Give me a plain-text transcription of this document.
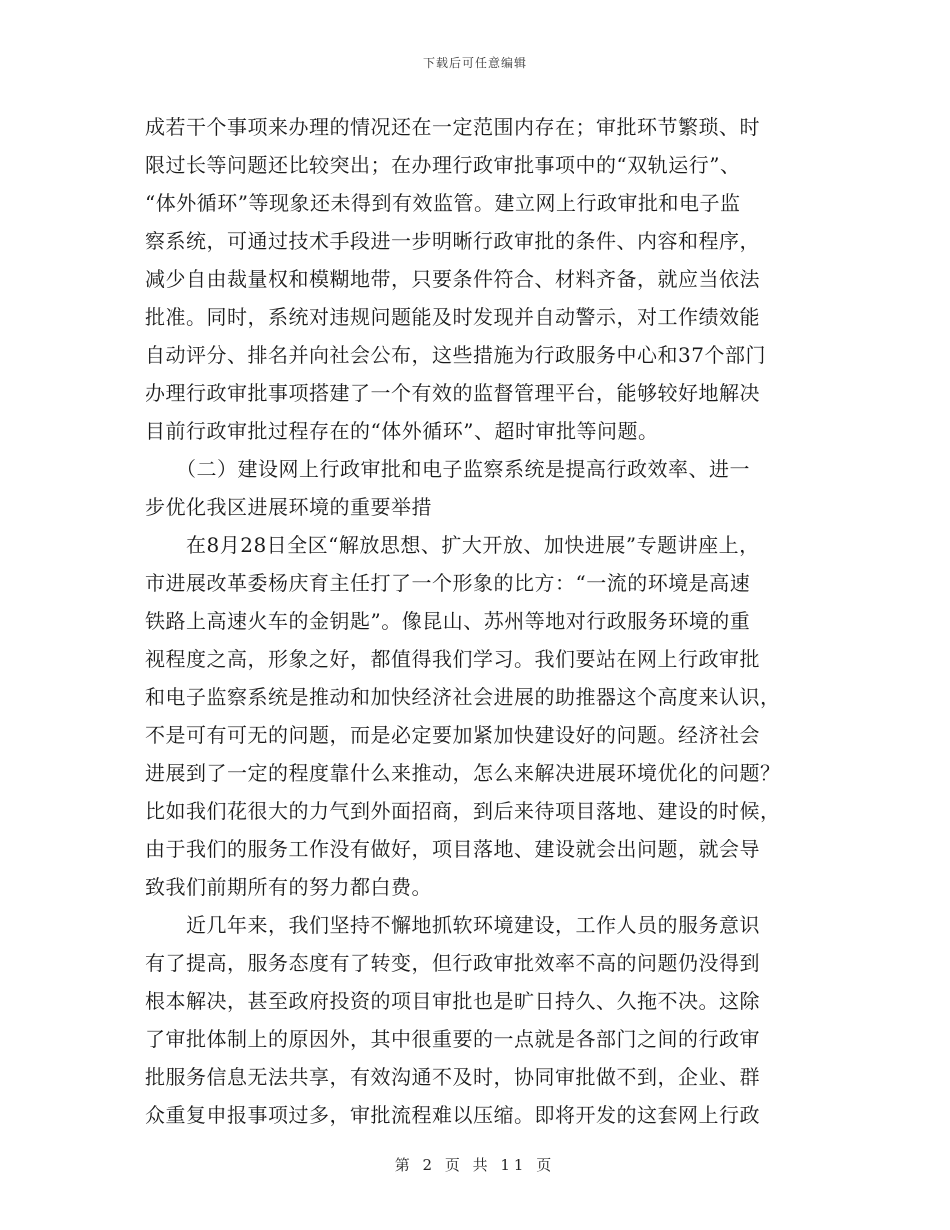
下载后可任意编辑
成若干个事项来办理的情况还在一定范围内存在；审批环节繁琐、时
限过长等问题还比较突出；在办理行政审批事项中的“双轨运行”、
“体外循环”等现象还未得到有效监管。建立网上行政审批和电子监
察系统，可通过技术手段进一步明晰行政审批的条件、内容和程序，
减少自由裁量权和模糊地带，只要条件符合、材料齐备，就应当依法
批准。同时，系统对违规问题能及时发现并自动警示，对工作绩效能
自动评分、排名并向社会公布，这些措施为行政服务中心和37个部门
办理行政审批事项搭建了一个有效的监督管理平台，能够较好地解决
目前行政审批过程存在的“体外循环”、超时审批等问题。
　　（二）建设网上行政审批和电子监察系统是提高行政效率、进一
步优化我区进展环境的重要举措
　　在8月28日全区“解放思想、扩大开放、加快进展”专题讲座上，
市进展改革委杨庆育主任打了一个形象的比方：“一流的环境是高速
铁路上高速火车的金钥匙”。像昆山、苏州等地对行政服务环境的重
视程度之高，形象之好，都值得我们学习。我们要站在网上行政审批
和电子监察系统是推动和加快经济社会进展的助推器这个高度来认识，
不是可有可无的问题，而是必定要加紧加快建设好的问题。经济社会
进展到了一定的程度靠什么来推动，怎么来解决进展环境优化的问题？
比如我们花很大的力气到外面招商，到后来待项目落地、建设的时候，
由于我们的服务工作没有做好，项目落地、建设就会出问题，就会导
致我们前期所有的努力都白费。
　　近几年来，我们坚持不懈地抓软环境建设，工作人员的服务意识
有了提高，服务态度有了转变，但行政审批效率不高的问题仍没得到
根本解决，甚至政府投资的项目审批也是旷日持久、久拖不决。这除
了审批体制上的原因外，其中很重要的一点就是各部门之间的行政审
批服务信息无法共享，有效沟通不及时，协同审批做不到，企业、群
众重复申报事项过多，审批流程难以压缩。即将开发的这套网上行政
第 2 页 共 11 页
